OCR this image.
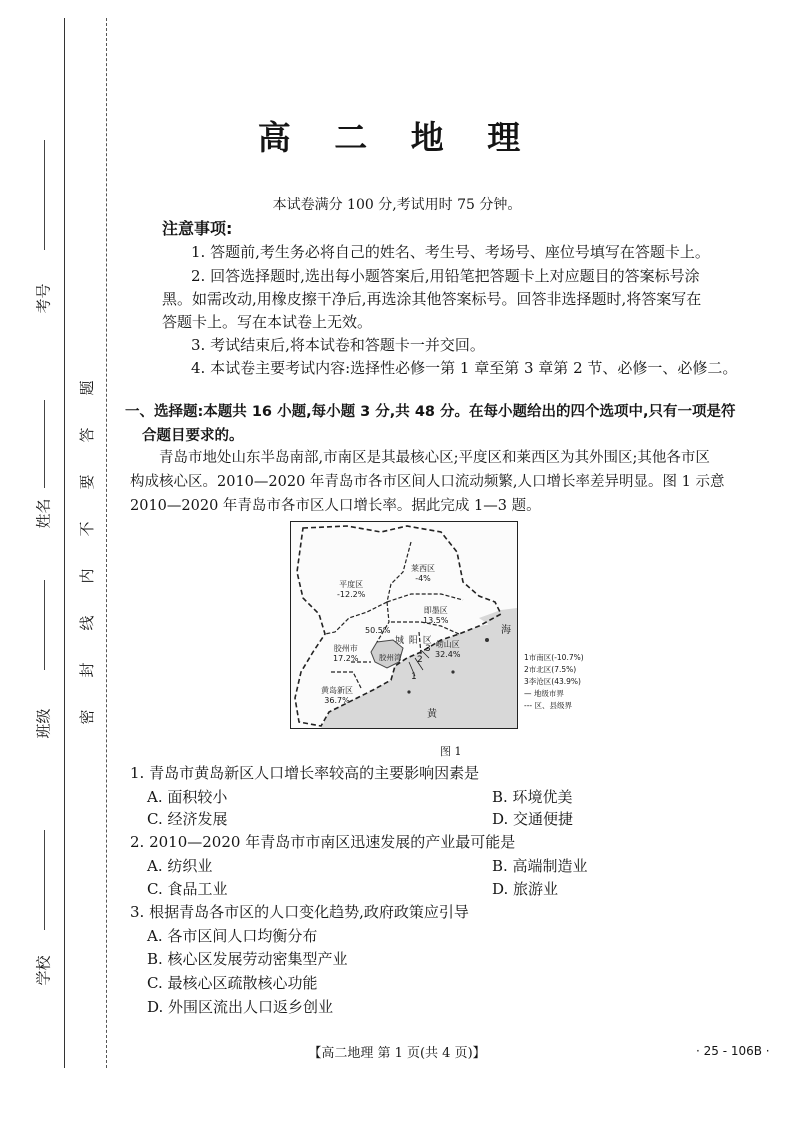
考号
姓名
班级
学校
题
答
要
不
内
线
封
密
高 二 地 理
本试卷满分 100 分,考试用时 75 分钟。
注意事项:
1. 答题前,考生务必将自己的姓名、考生号、考场号、座位号填写在答题卡上。
2. 回答选择题时,选出每小题答案后,用铅笔把答题卡上对应题目的答案标号涂
黑。如需改动,用橡皮擦干净后,再选涂其他答案标号。回答非选择题时,将答案写在
答题卡上。写在本试卷上无效。
3. 考试结束后,将本试卷和答题卡一并交回。
4. 本试卷主要考试内容:选择性必修一第 1 章至第 3 章第 2 节、必修一、必修二。
一、选择题:本题共 16 小题,每小题 3 分,共 48 分。在每小题给出的四个选项中,只有一项是符
合题目要求的。

青岛市地处山东半岛南部,市南区是其最核心区;平度区和莱西区为其外围区;其他各市区

构成核心区。2010—2020 年青岛市各市区间人口流动频繁,人口增长率差异明显。图 1 示意

2010—2020 年青岛市各市区人口增长率。据此完成 1—3 题。

莱西区
-4%
平度区
-12.2%
即墨区
13.5%
50.5%
城 阳 区
胶州市
17.2%	胶州湾
崂山区
32.4%
黄岛新区
36.7%
1
2
3
黄
海
1市南区(-10.7%)
2市北区(7.5%)
3李沧区(43.9%)
— 地级市界
--- 区、县级界
图 1
1. 青岛市黄岛新区人口增长率较高的主要影响因素是
A. 面积较小	B. 环境优美
C. 经济发展	D. 交通便捷
2. 2010—2020 年青岛市市南区迅速发展的产业最可能是
A. 纺织业	B. 高端制造业
C. 食品工业	D. 旅游业
3. 根据青岛各市区的人口变化趋势,政府政策应引导
A. 各市区间人口均衡分布
B. 核心区发展劳动密集型产业
C. 最核心区疏散核心功能
D. 外围区流出人口返乡创业
【高二地理 第 1 页(共 4 页)】	· 25 - 106B ·
